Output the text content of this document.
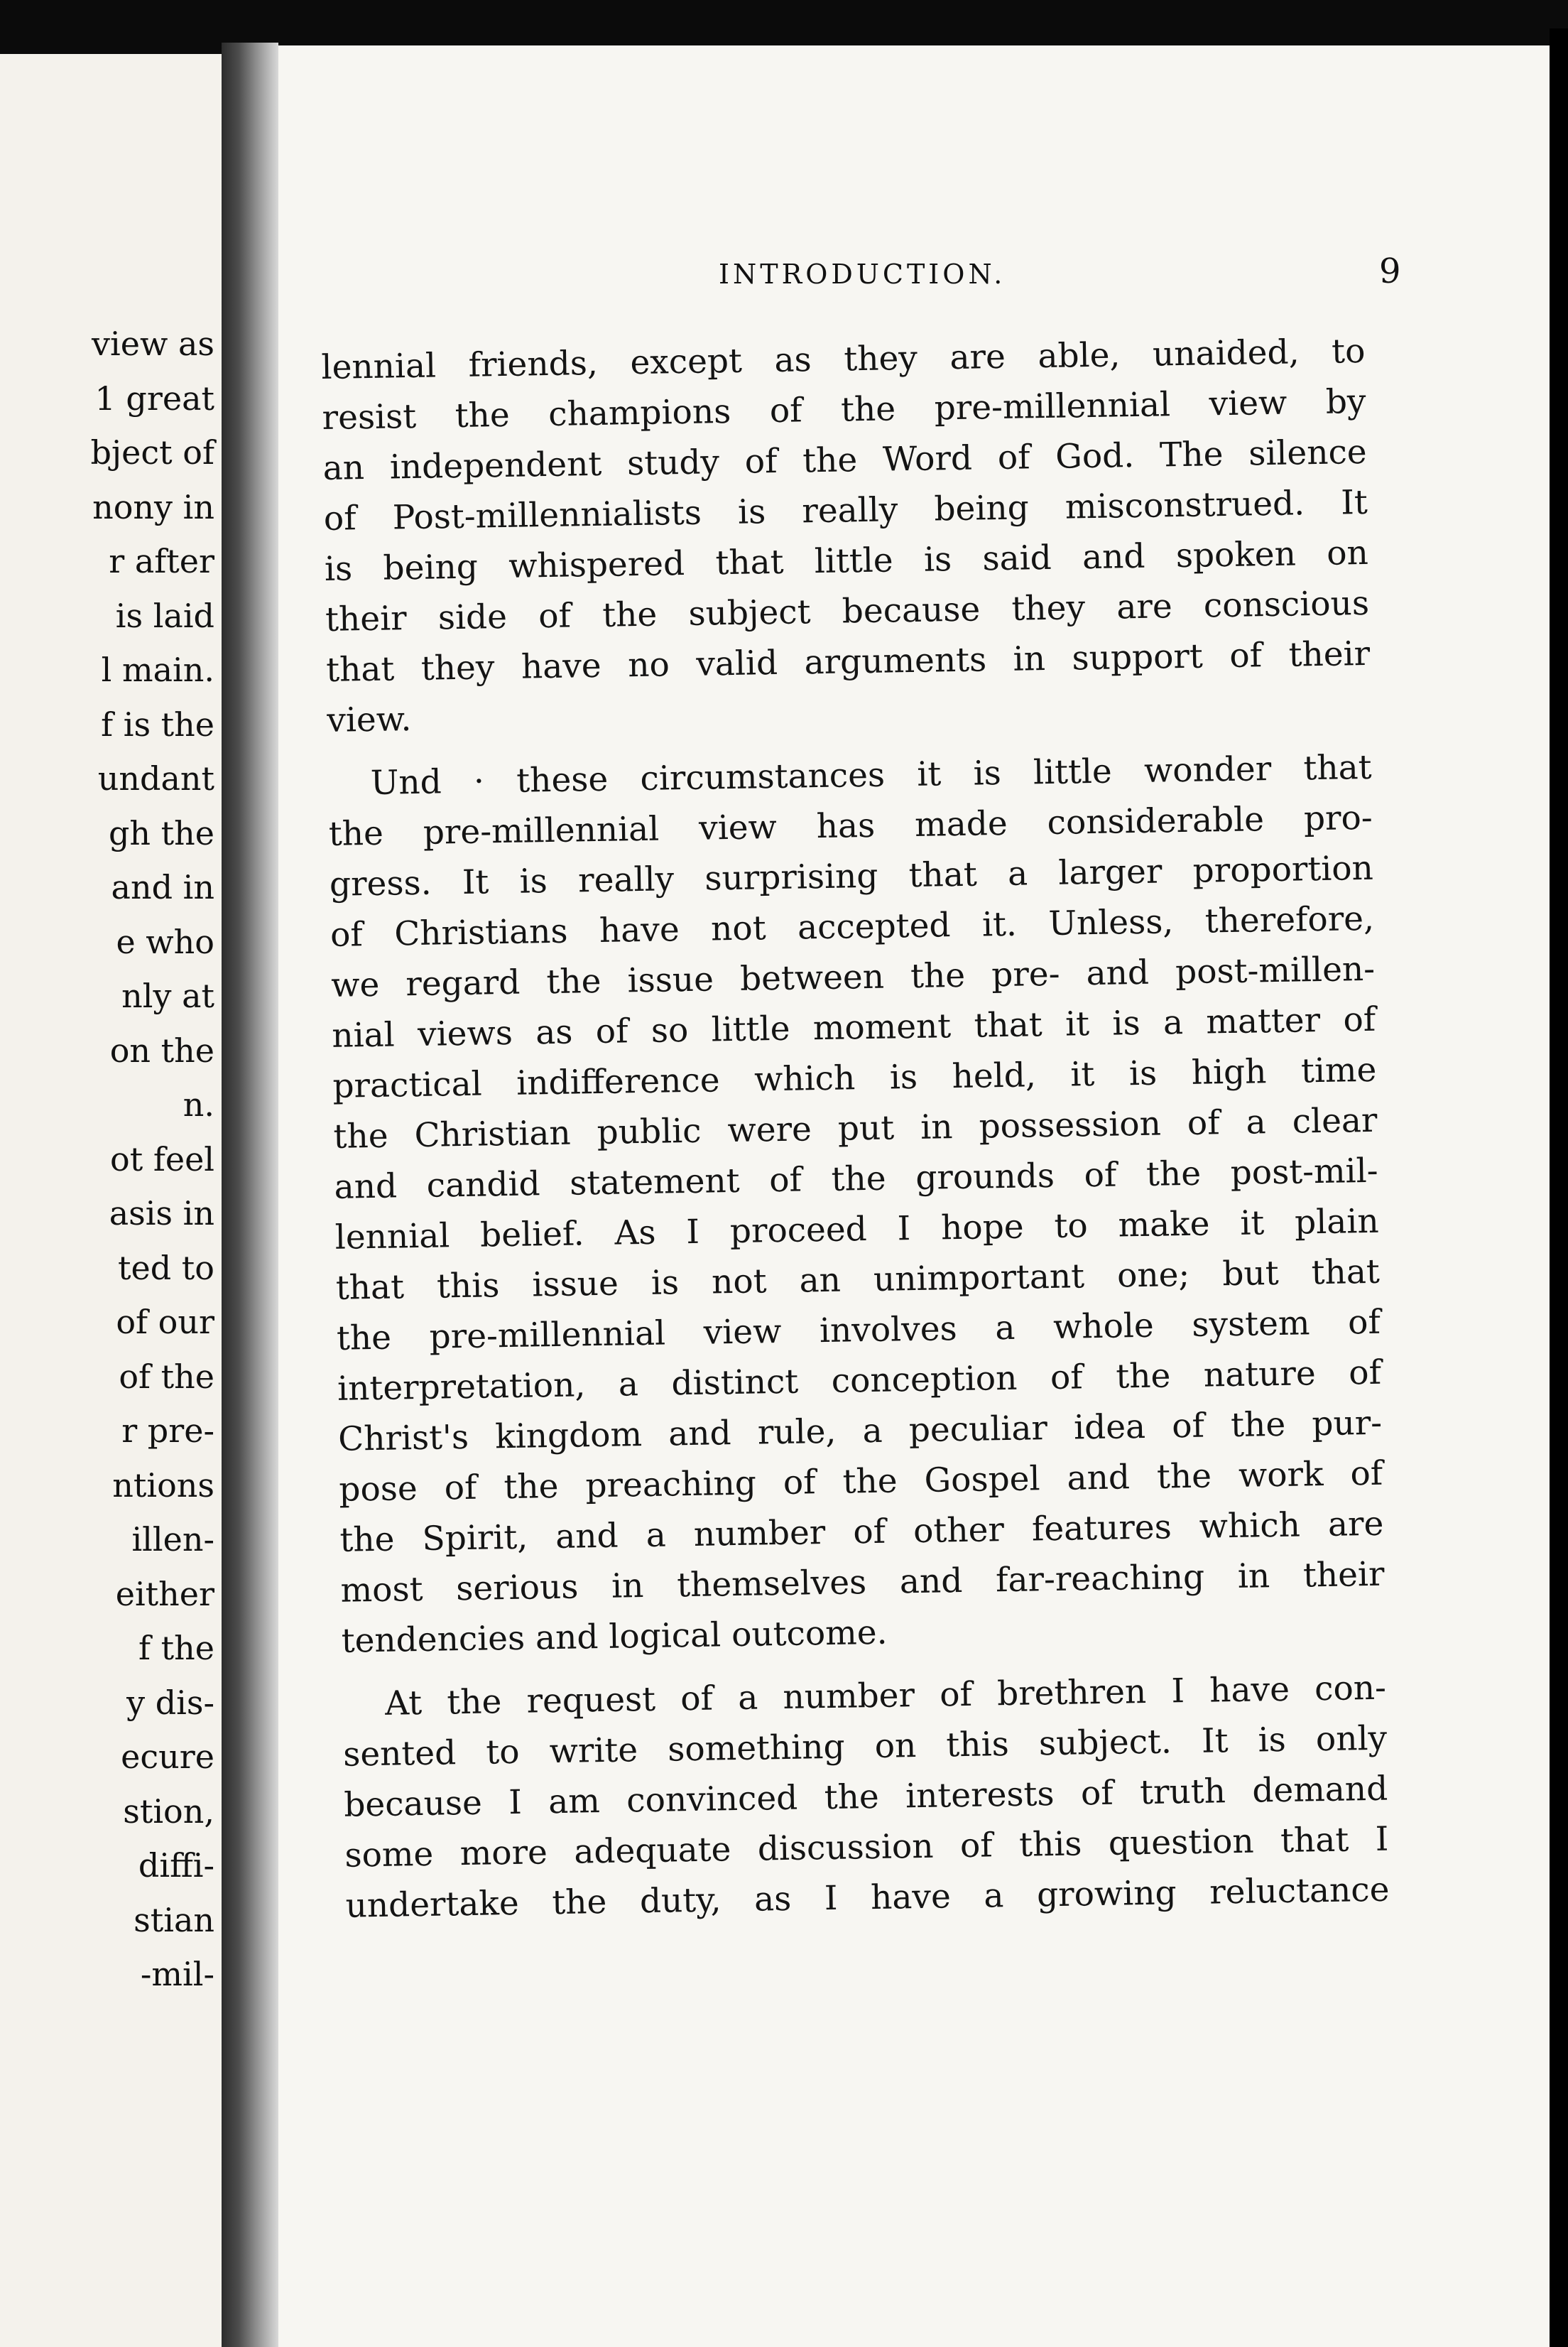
view as
1 great
bject of
nony in
r after
is laid
l main.
f is the
undant
gh the
and in
e who
nly at
on the
n.
ot feel
asis in
ted to
of our
of the
r pre-
ntions
illen-
either
f the
y dis-
ecure
stion,
diffi-
stian
-mil-
INTRODUCTION.	9
lennial friends, except as they are able, unaided, to
resist the champions of the pre-millennial view by
an independent study of the Word of God. The silence
of Post-millennialists is really being misconstrued. It
is being whispered that little is said and spoken on
their side of the subject because they are conscious
that they have no valid arguments in support of their
view.
Und · these circumstances it is little wonder that
the pre-millennial view has made considerable pro-
gress. It is really surprising that a larger proportion
of Christians have not accepted it. Unless, therefore,
we regard the issue between the pre- and post-millen-
nial views as of so little moment that it is a matter of
practical indifference which is held, it is high time
the Christian public were put in possession of a clear
and candid statement of the grounds of the post-mil-
lennial belief. As I proceed I hope to make it plain
that this issue is not an unimportant one; but that
the pre-millennial view involves a whole system of
interpretation, a distinct conception of the nature of
Christ's kingdom and rule, a peculiar idea of the pur-
pose of the preaching of the Gospel and the work of
the Spirit, and a number of other features which are
most serious in themselves and far-reaching in their
tendencies and logical outcome.
At the request of a number of brethren I have con-
sented to write something on this subject. It is only
because I am convinced the interests of truth demand
some more adequate discussion of this question that I
undertake the duty, as I have a growing reluctance
